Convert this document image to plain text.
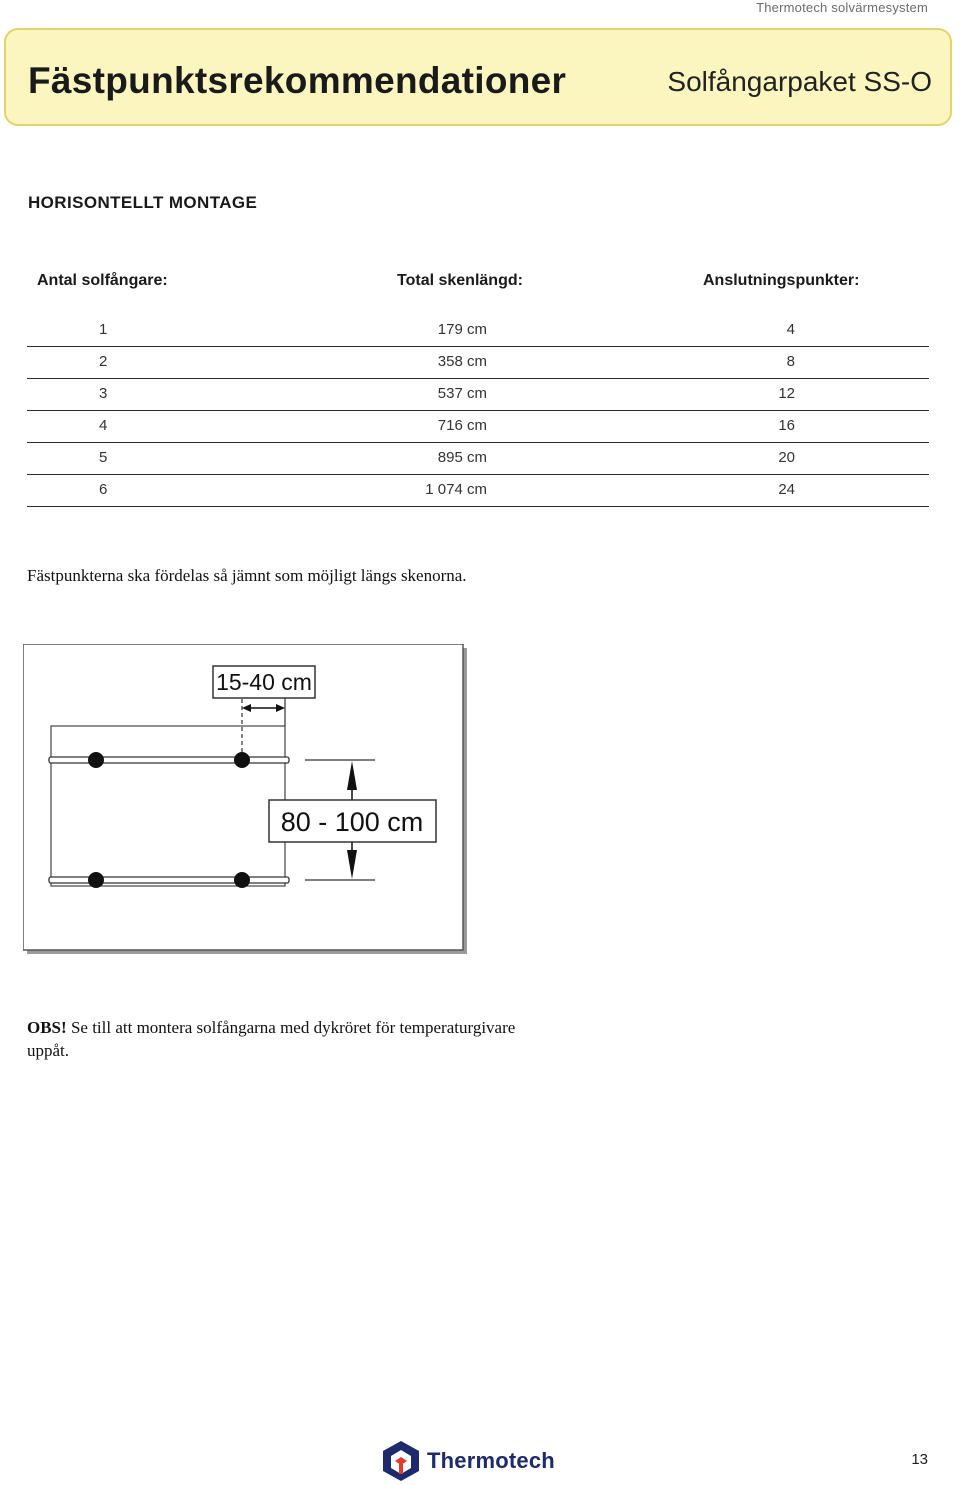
Thermotech solvärmesystem
Fästpunktsrekommendationer	Solfångarpaket SS-O
HORISONTELLT MONTAGE
Antal solfångare:	Total skenlängd:	Anslutningspunkter:
1	179 cm	4
2	358 cm	8
3	537 cm	12
4	716 cm	16
5	895 cm	20
6	1 074 cm	24
Fästpunkterna ska fördelas så jämnt som möjligt längs skenorna.
15-40 cm
80 - 100 cm
OBS! Se till att montera solfångarna med dykröret för temperaturgivare uppåt.
Thermotech	13
